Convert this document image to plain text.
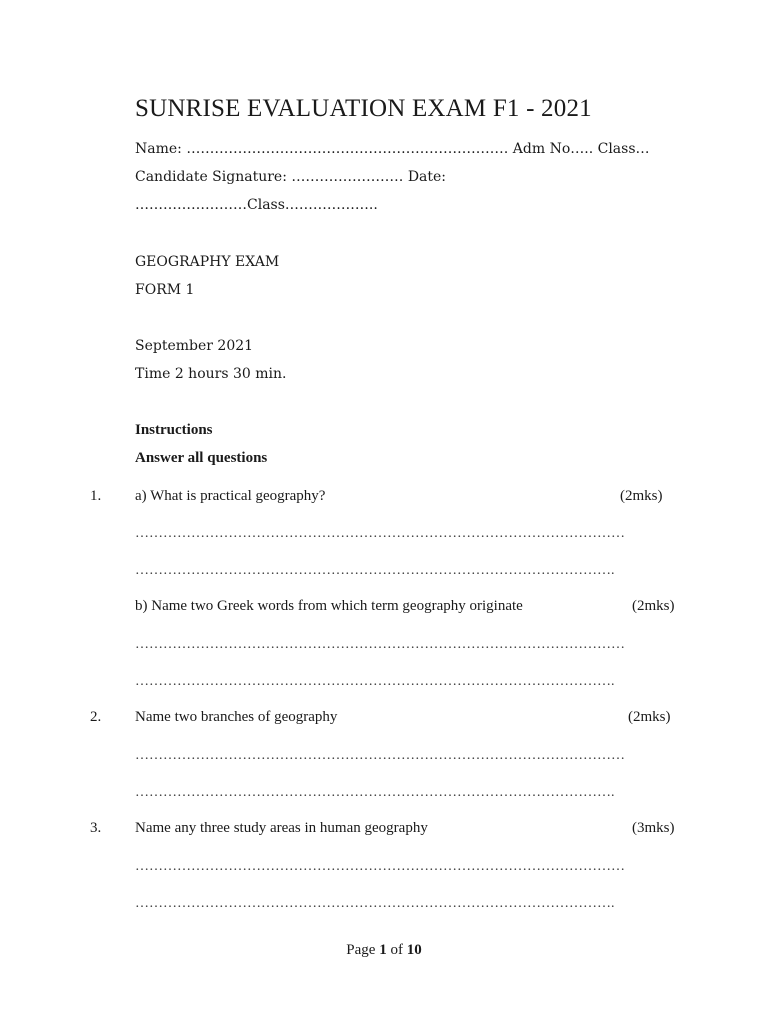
SUNRISE EVALUATION EXAM F1 - 2021
Name: …………………………………………………………… Adm No….. Class…
Candidate Signature: …………………… Date:
……………………Class………………..
GEOGRAPHY EXAM
FORM 1
September 2021
Time 2 hours 30 min.
Instructions
Answer all questions
1. a) What is practical geography?	(2mks)
……………………………………………………………………………………………
………………………………………………………………………………………….
b) Name two Greek words from which term geography originate	(2mks)
……………………………………………………………………………………………
………………………………………………………………………………………….
2. Name two branches of geography	(2mks)
……………………………………………………………………………………………
………………………………………………………………………………………….
3. Name any three study areas in human geography	(3mks)
……………………………………………………………………………………………
………………………………………………………………………………………….
Page 1 of 10
